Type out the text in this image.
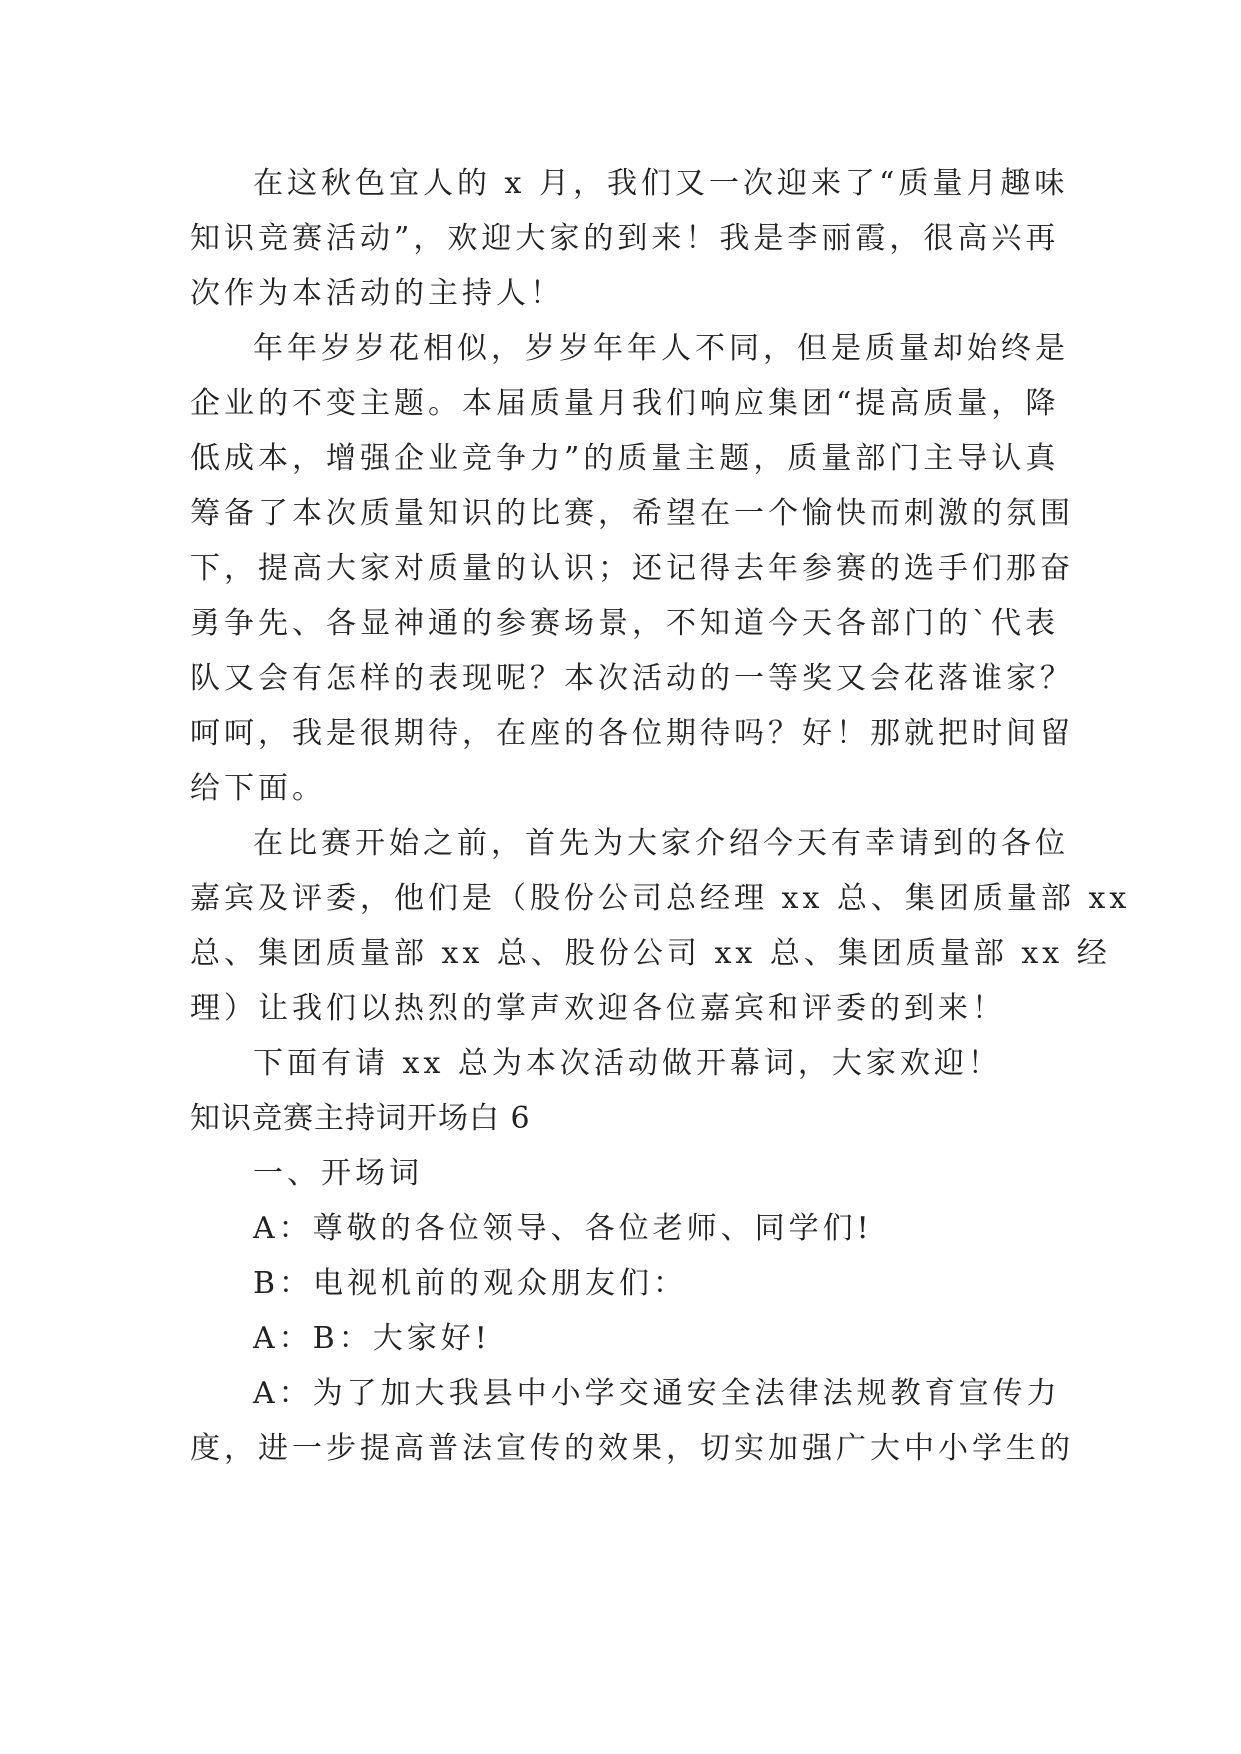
在这秋色宜人的 x 月，我们又一次迎来了“质量月趣味
知识竞赛活动”，欢迎大家的到来！我是李丽霞，很高兴再
次作为本活动的主持人！
年年岁岁花相似，岁岁年年人不同，但是质量却始终是
企业的不变主题。本届质量月我们响应集团“提高质量，降
低成本，增强企业竞争力”的质量主题，质量部门主导认真
筹备了本次质量知识的比赛，希望在一个愉快而刺激的氛围
下，提高大家对质量的认识；还记得去年参赛的选手们那奋
勇争先、各显神通的参赛场景，不知道今天各部门的`代表
队又会有怎样的表现呢？本次活动的一等奖又会花落谁家？
呵呵，我是很期待，在座的各位期待吗？好！那就把时间留
给下面。
在比赛开始之前，首先为大家介绍今天有幸请到的各位
嘉宾及评委，他们是（股份公司总经理 xx 总、集团质量部 xx
总、集团质量部 xx 总、股份公司 xx 总、集团质量部 xx 经
理）让我们以热烈的掌声欢迎各位嘉宾和评委的到来！
下面有请 xx 总为本次活动做开幕词，大家欢迎！
知识竞赛主持词开场白 6
一、开场词
A：尊敬的各位领导、各位老师、同学们!
B：电视机前的观众朋友们：
A：B：大家好!
A：为了加大我县中小学交通安全法律法规教育宣传力
度，进一步提高普法宣传的效果，切实加强广大中小学生的
